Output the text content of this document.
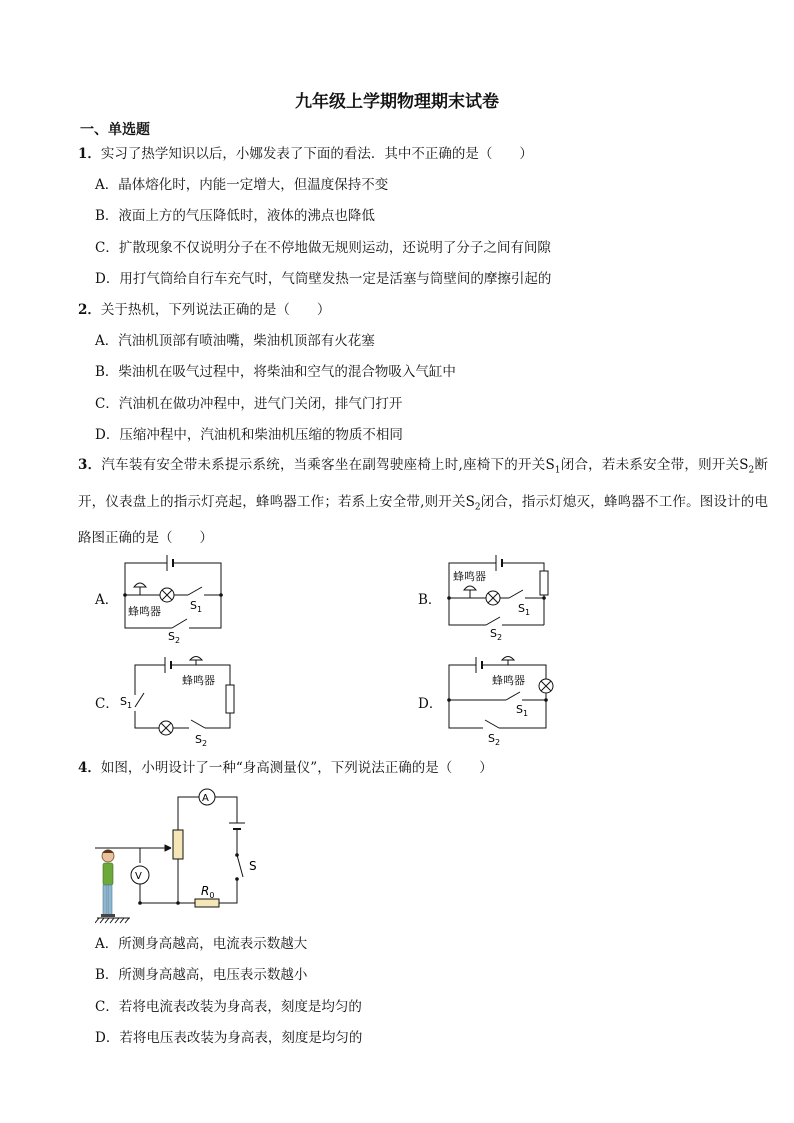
九年级上学期物理期末试卷
一、单选题
1．实习了热学知识以后，小娜发表了下面的看法．其中不正确的是（　　）
A．晶体熔化时，内能一定增大，但温度保持不变
B．液面上方的气压降低时，液体的沸点也降低
C．扩散现象不仅说明分子在不停地做无规则运动，还说明了分子之间有间隙
D．用打气筒给自行车充气时，气筒壁发热一定是活塞与筒壁间的摩擦引起的
2．关于热机，下列说法正确的是（　　）
A．汽油机顶部有喷油嘴，柴油机顶部有火花塞
B．柴油机在吸气过程中，将柴油和空气的混合物吸入气缸中
C．汽油机在做功冲程中，进气门关闭，排气门打开
D．压缩冲程中，汽油机和柴油机压缩的物质不相同
3．汽车装有安全带未系提示系统，当乘客坐在副驾驶座椅上时,座椅下的开关$S_1$闭合，若未系安全带，则开关$S_2$断开，仪表盘上的指示灯亮起，蜂鸣器工作；若系上安全带,则开关$S_2$闭合，指示灯熄灭，蜂鸣器不工作。图设计的电路图正确的是（　　）
A．	B．
C．	D．
蜂鸣器	$S_1$
$S_2$
蜂鸣器
$S_1$
$S_2$
蜂鸣器
$S_1$
$S_2$
蜂鸣器
$S_1$
$S_2$
4．如图，小明设计了一种“身高测量仪”，下列说法正确的是（　　）
A
V
S
$R_0$
A．所测身高越高，电流表示数越大
B．所测身高越高，电压表示数越小
C．若将电流表改装为身高表，刻度是均匀的
D．若将电压表改装为身高表，刻度是均匀的
